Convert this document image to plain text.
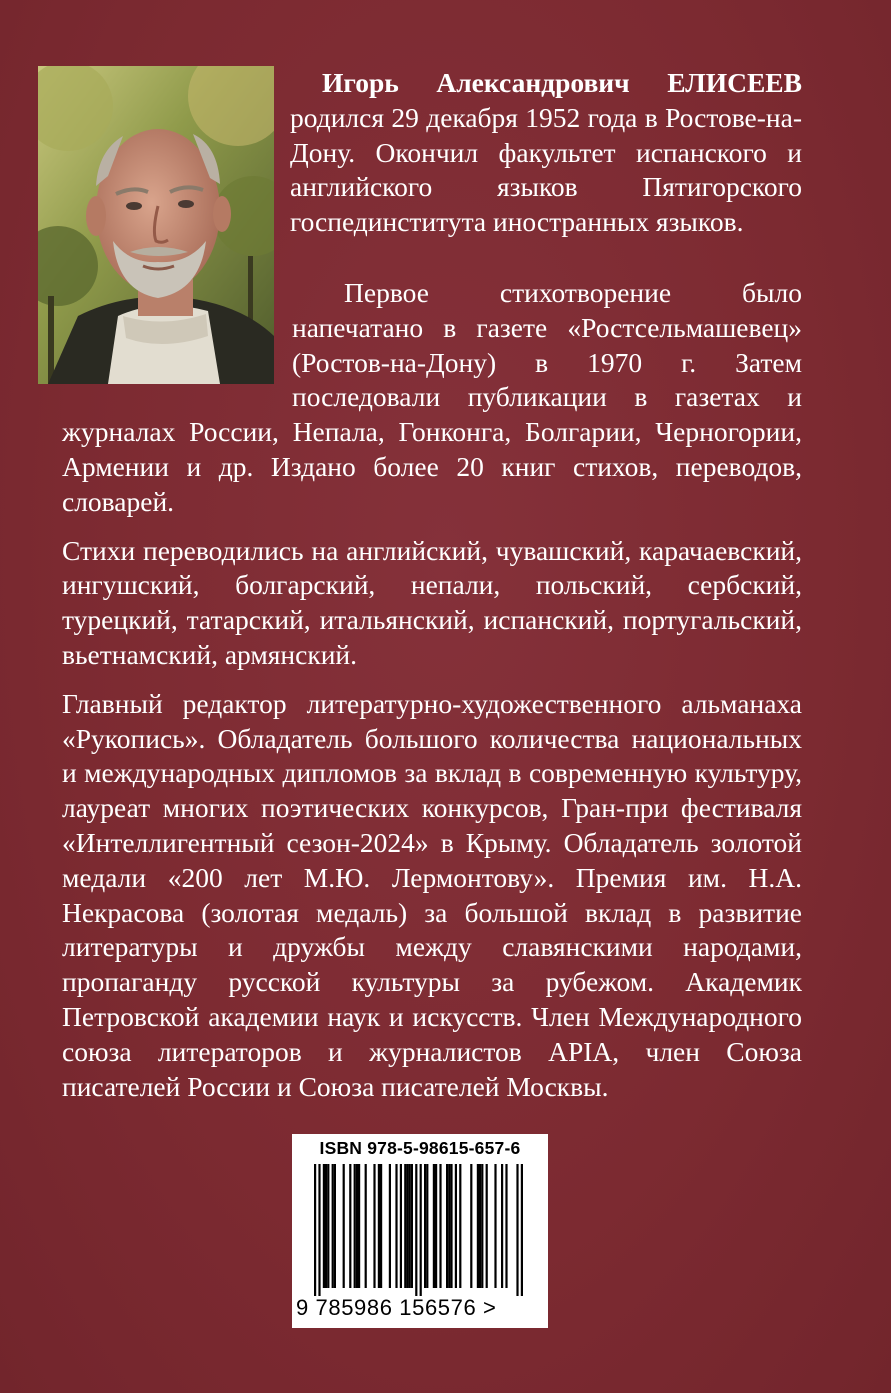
Игорь Александрович ЕЛИСЕЕВ родился 29 декабря 1952 года в Ростове-на-Дону. Окончил факультет испанского и английского языков Пятигорского госпединститута иностранных языков.

Первое стихотворение было напечатано в газете «Ростсельмашевец» (Ростов-на-Дону) в 1970 г. Затем последовали публикации в газетах и журналах России, Непала, Гонконга, Болгарии, Черногории, Армении и др. Издано более 20 книг стихов, переводов, словарей.

Стихи переводились на английский, чувашский, карачаевский, ингушский, болгарский, непали, польский, сербский, турецкий, татарский, итальянский, испанский, португальский, вьетнамский, армянский.

Главный редактор литературно-художественного альманаха «Рукопись». Обладатель большого количества национальных и международных дипломов за вклад в современную культуру, лауреат многих поэтических конкурсов, Гран-при фестиваля «Интеллигентный сезон-2024» в Крыму. Обладатель золотой медали «200 лет М.Ю. Лермонтову». Премия им. Н.А. Некрасова (золотая медаль) за большой вклад в развитие литературы и дружбы между славянскими народами, пропаганду русской культуры за рубежом. Академик Петровской академии наук и искусств. Член Международного союза литераторов и журналистов АРІА, член Союза писателей России и Союза писателей Москвы.

ISBN 978-5-98615-657-6
9 785986 156576 >
